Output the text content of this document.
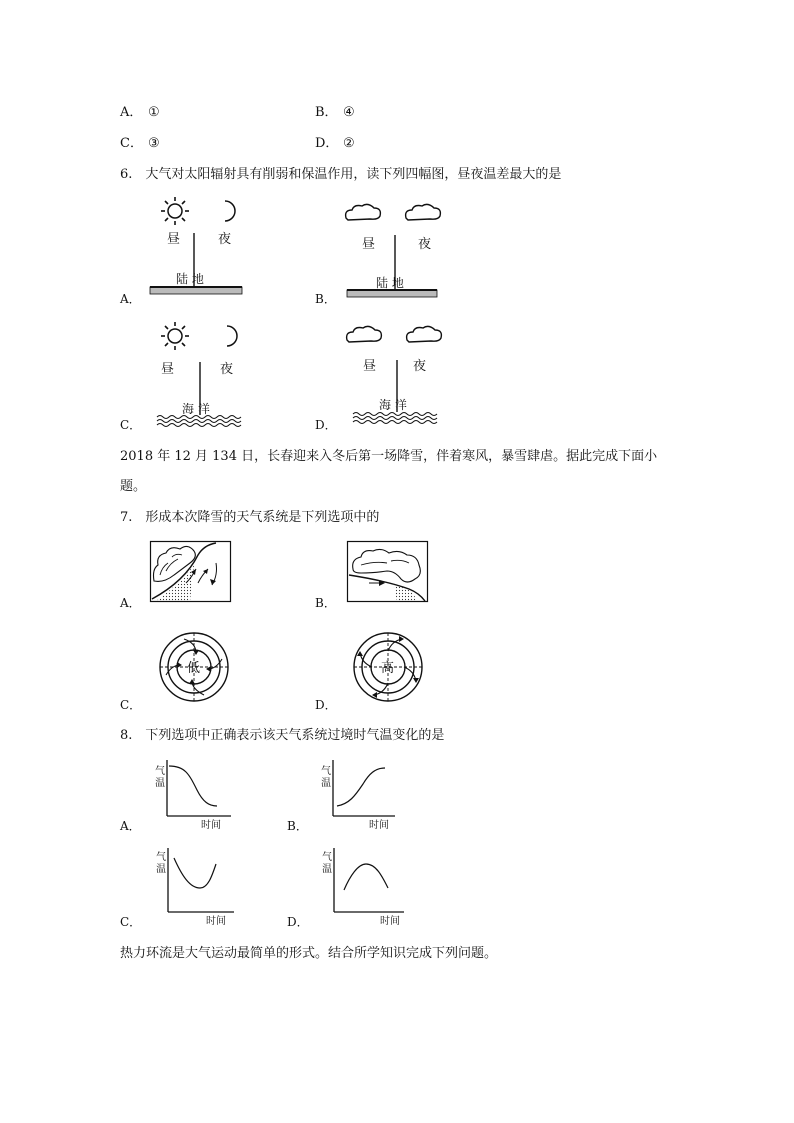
A． ①	B． ④
C． ③	D． ②
6.　大气对太阳辐射具有削弱和保温作用，读下列四幅图，昼夜温差最大的是
昼	夜
陆 地
A．
昼	夜
陆 地
B．
昼	夜
海 洋
C．
昼	夜
海 洋
D．
2018 年 12 月 134 日，长春迎来入冬后第一场降雪，伴着寒风，暴雪肆虐。据此完成下面小
题。
7.　形成本次降雪的天气系统是下列选项中的
A．	B．
低
C．
高
D．
8.　下列选项中正确表示该天气系统过境时气温变化的是
气
温
时间
A．
气
温
时间
B．
气
温
时间
C．
气
温
时间
D．
热力环流是大气运动最简单的形式。结合所学知识完成下列问题。
